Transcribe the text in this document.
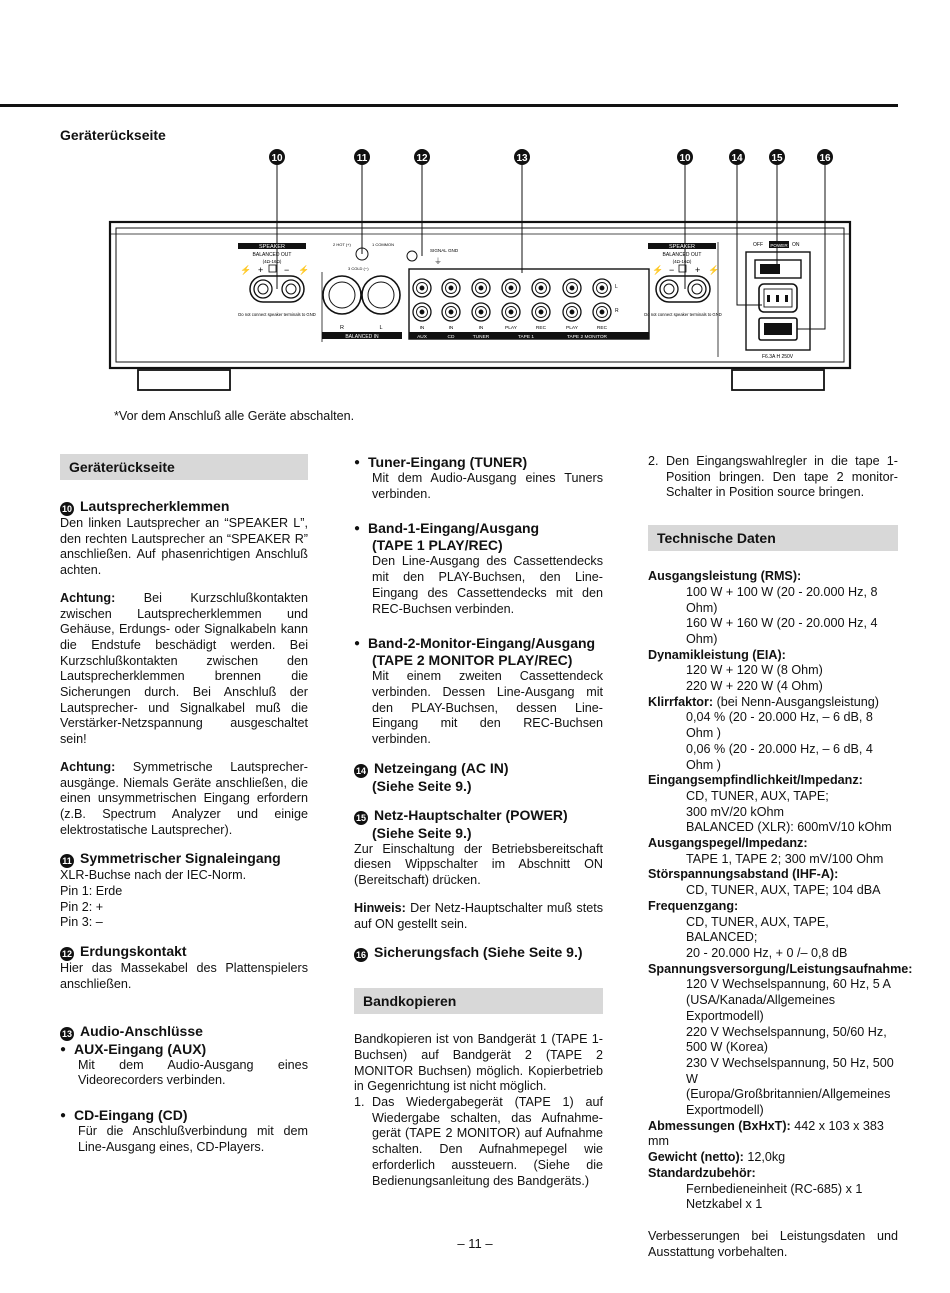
Geräterückseite
10	11	12	13	10	14	15	16
SPEAKER
BALANCED OUT
(4Ω-16Ω)
⚡ + − ⚡
Do not connect speaker terminals to GND
2 HOT (+)	1 COMMON
3 COLD (−)
R	L
BALANCED IN
SIGNAL GND
⏚
AUX	CD	TUNER	TAPE 1	TAPE 2 MONITOR
IN	IN	IN	PLAY	REC	PLAY	REC
L
R
SPEAKER
BALANCED OUT
(4Ω-16Ω)
⚡ − + ⚡
Do not connect speaker terminals to GND
OFF POWER ON
F6.3A H 250V
*Vor dem Anschluß alle Geräte abschalten.
Geräterückseite
10 Lautsprecherklemmen
Den linken Lautsprecher an “SPEAKER L”, den rechten Lautsprecher an “SPEAKER R” anschließen. Auf phasenrichtigen Anschluß achten.
Achtung: Bei Kurzschlußkontakten zwischen Lautsprecherklemmen und Gehäuse, Erdungs- oder Signalkabeln kann die Endstufe beschädigt werden. Bei Kurzschlußkontakten zwischen den Lautsprecherklemmen brennen die Sicherungen durch. Bei Anschluß der Lautsprecher- und Signalkabel muß die Verstärker-Netzspannung ausgeschaltet sein!
Achtung: Symmetrische Lautsprecher-ausgänge. Niemals Geräte anschließen, die einen unsymmetrischen Eingang erfordern (z.B. Spectrum Analyzer und einige elektrostatische Lautsprecher).
11 Symmetrischer Signaleingang
XLR-Buchse nach der IEC-Norm.
Pin 1: Erde
Pin 2: +
Pin 3: –
12 Erdungskontakt
Hier das Massekabel des Plattenspielers anschließen.
13 Audio-Anschlüsse
● AUX-Eingang (AUX)
Mit dem Audio-Ausgang eines Videorecorders verbinden.
● CD-Eingang (CD)
Für die Anschlußverbindung mit dem Line-Ausgang eines, CD-Players.
● Tuner-Eingang (TUNER)
Mit dem Audio-Ausgang eines Tuners verbinden.
● Band-1-Eingang/Ausgang
(TAPE 1 PLAY/REC)
Den Line-Ausgang des Cassettendecks mit den PLAY-Buchsen, den Line-Eingang des Cassettendecks mit den REC-Buchsen verbinden.
● Band-2-Monitor-Eingang/Ausgang
(TAPE 2 MONITOR PLAY/REC)
Mit einem zweiten Cassettendeck verbinden. Dessen Line-Ausgang mit den PLAY-Buchsen, dessen Line-Eingang mit den REC-Buchsen verbinden.
14 Netzeingang (AC IN)
(Siehe Seite 9.)
15 Netz-Hauptschalter (POWER)
(Siehe Seite 9.)
Zur Einschaltung der Betriebsbereitschaft diesen Wippschalter im Abschnitt ON (Bereitschaft) drücken.
Hinweis: Der Netz-Hauptschalter muß stets auf ON gestellt sein.
16 Sicherungsfach (Siehe Seite 9.)
Bandkopieren
Bandkopieren ist von Bandgerät 1 (TAPE 1-Buchsen) auf Bandgerät 2 (TAPE 2 MONITOR Buchsen) möglich. Kopierbetrieb in Gegenrichtung ist nicht möglich.
1. Das Wiedergabegerät (TAPE 1) auf Wiedergabe schalten, das Aufnahme-gerät (TAPE 2 MONITOR) auf Aufnahme schalten. Den Aufnahmepegel wie erforderlich aussteuern. (Siehe die Bedienungsanleitung des Bandgeräts.)
2. Den Eingangswahlregler in die tape 1-Position bringen. Den tape 2 monitor-Schalter in Position source bringen.
Technische Daten
Ausgangsleistung (RMS):
100 W + 100 W (20 - 20.000 Hz, 8 Ohm)
160 W + 160 W (20 - 20.000 Hz, 4 Ohm)
Dynamikleistung (EIA):
120 W + 120 W (8 Ohm)
220 W + 220 W (4 Ohm)
Klirrfaktor: (bei Nenn-Ausgangsleistung)
0,04 % (20 - 20.000 Hz, – 6 dB, 8 Ohm )
0,06 % (20 - 20.000 Hz, – 6 dB, 4 Ohm )
Eingangsempfindlichkeit/Impedanz:
CD, TUNER, AUX, TAPE;
300 mV/20 kOhm
BALANCED (XLR): 600mV/10 kOhm
Ausgangspegel/Impedanz:
TAPE 1, TAPE 2; 300 mV/100 Ohm
Störspannungsabstand (IHF-A):
CD, TUNER, AUX, TAPE; 104 dBA
Frequenzgang:
CD, TUNER, AUX, TAPE, BALANCED;
20 - 20.000 Hz, + 0 /– 0,8 dB
Spannungsversorgung/Leistungsaufnahme:
120 V Wechselspannung, 60 Hz, 5 A
(USA/Kanada/Allgemeines
Exportmodell)
220 V Wechselspannung, 50/60 Hz,
500 W (Korea)
230 V Wechselspannung, 50 Hz, 500 W
(Europa/Großbritannien/Allgemeines
Exportmodell)
Abmessungen (BxHxT): 442 x 103 x 383 mm
Gewicht (netto): 12,0kg
Standardzubehör:
Fernbedieneinheit (RC-685) x 1
Netzkabel x 1
Verbesserungen bei Leistungsdaten und Ausstattung vorbehalten.
– 11 –
